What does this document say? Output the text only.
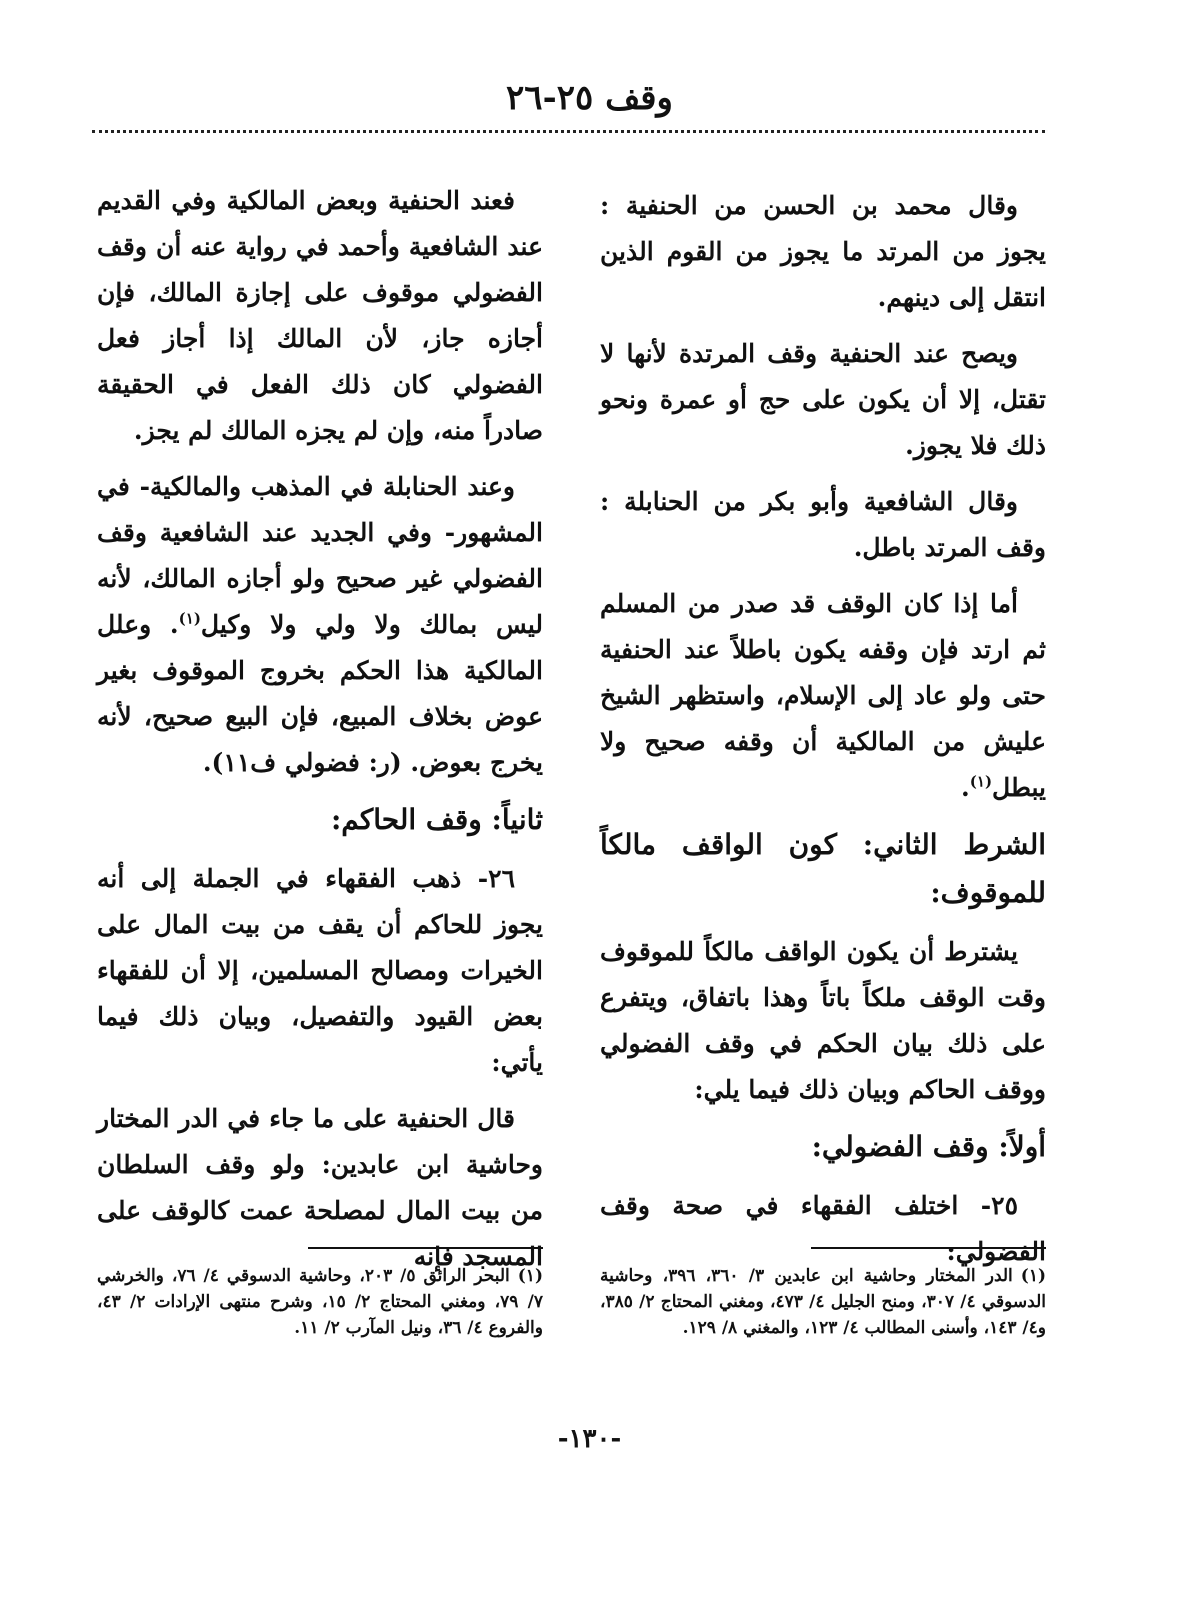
وقف ٢٥-٢٦

وقال محمد بن الحسن من الحنفية : يجوز من المرتد ما يجوز من القوم الذين انتقل إلى دينهم.

ويصح عند الحنفية وقف المرتدة لأنها لا تقتل، إلا أن يكون على حج أو عمرة ونحو ذلك فلا يجوز.

وقال الشافعية وأبو بكر من الحنابلة : وقف المرتد باطل.

أما إذا كان الوقف قد صدر من المسلم ثم ارتد فإن وقفه يكون باطلاً عند الحنفية حتى ولو عاد إلى الإسلام، واستظهر الشيخ عليش من المالكية أن وقفه صحيح ولا يبطل$^{(١)}$.

الشرط الثاني: كون الواقف مالكاً للموقوف:

يشترط أن يكون الواقف مالكاً للموقوف وقت الوقف ملكاً باتاً وهذا باتفاق، ويتفرع على ذلك بيان الحكم في وقف الفضولي ووقف الحاكم وبيان ذلك فيما يلي:

أولاً: وقف الفضولي:

٢٥- اختلف الفقهاء في صحة وقف الفضولي:

فعند الحنفية وبعض المالكية وفي القديم عند الشافعية وأحمد في رواية عنه أن وقف الفضولي موقوف على إجازة المالك، فإن أجازه جاز، لأن المالك إذا أجاز فعل الفضولي كان ذلك الفعل في الحقيقة صادراً منه، وإن لم يجزه المالك لم يجز.

وعند الحنابلة في المذهب والمالكية- في المشهور- وفي الجديد عند الشافعية وقف الفضولي غير صحيح ولو أجازه المالك، لأنه ليس بمالك ولا ولي ولا وكيل$^{(١)}$. وعلل المالكية هذا الحكم بخروج الموقوف بغير عوض بخلاف المبيع، فإن البيع صحيح، لأنه يخرج بعوض. (ر: فضولي ف١١).

ثانياً: وقف الحاكم:

٢٦- ذهب الفقهاء في الجملة إلى أنه يجوز للحاكم أن يقف من بيت المال على الخيرات ومصالح المسلمين، إلا أن للفقهاء بعض القيود والتفصيل، وبيان ذلك فيما يأتي:

قال الحنفية على ما جاء في الدر المختار وحاشية ابن عابدين: ولو وقف السلطان من بيت المال لمصلحة عمت كالوقف على المسجد فإنه

(١)الدر المختار وحاشية ابن عابدين ٣/ ٣٦٠، ٣٩٦، وحاشية الدسوقي ٤/ ٣٠٧، ومنح الجليل ٤/ ٤٧٣، ومغني المحتاج ٢/ ٣٨٥، و٤/ ١٤٣، وأسنى المطالب ٤/ ١٢٣، والمغني ٨/ ١٢٩.
(١)البحر الرائق ٥/ ٢٠٣، وحاشية الدسوقي ٤/ ٧٦، والخرشي ٧/ ٧٩، ومغني المحتاج ٢/ ١٥، وشرح منتهى الإرادات ٢/ ٤٣، والفروع ٤/ ٣٦، ونيل المآرب ٢/ ١١.
-١٣٠-
